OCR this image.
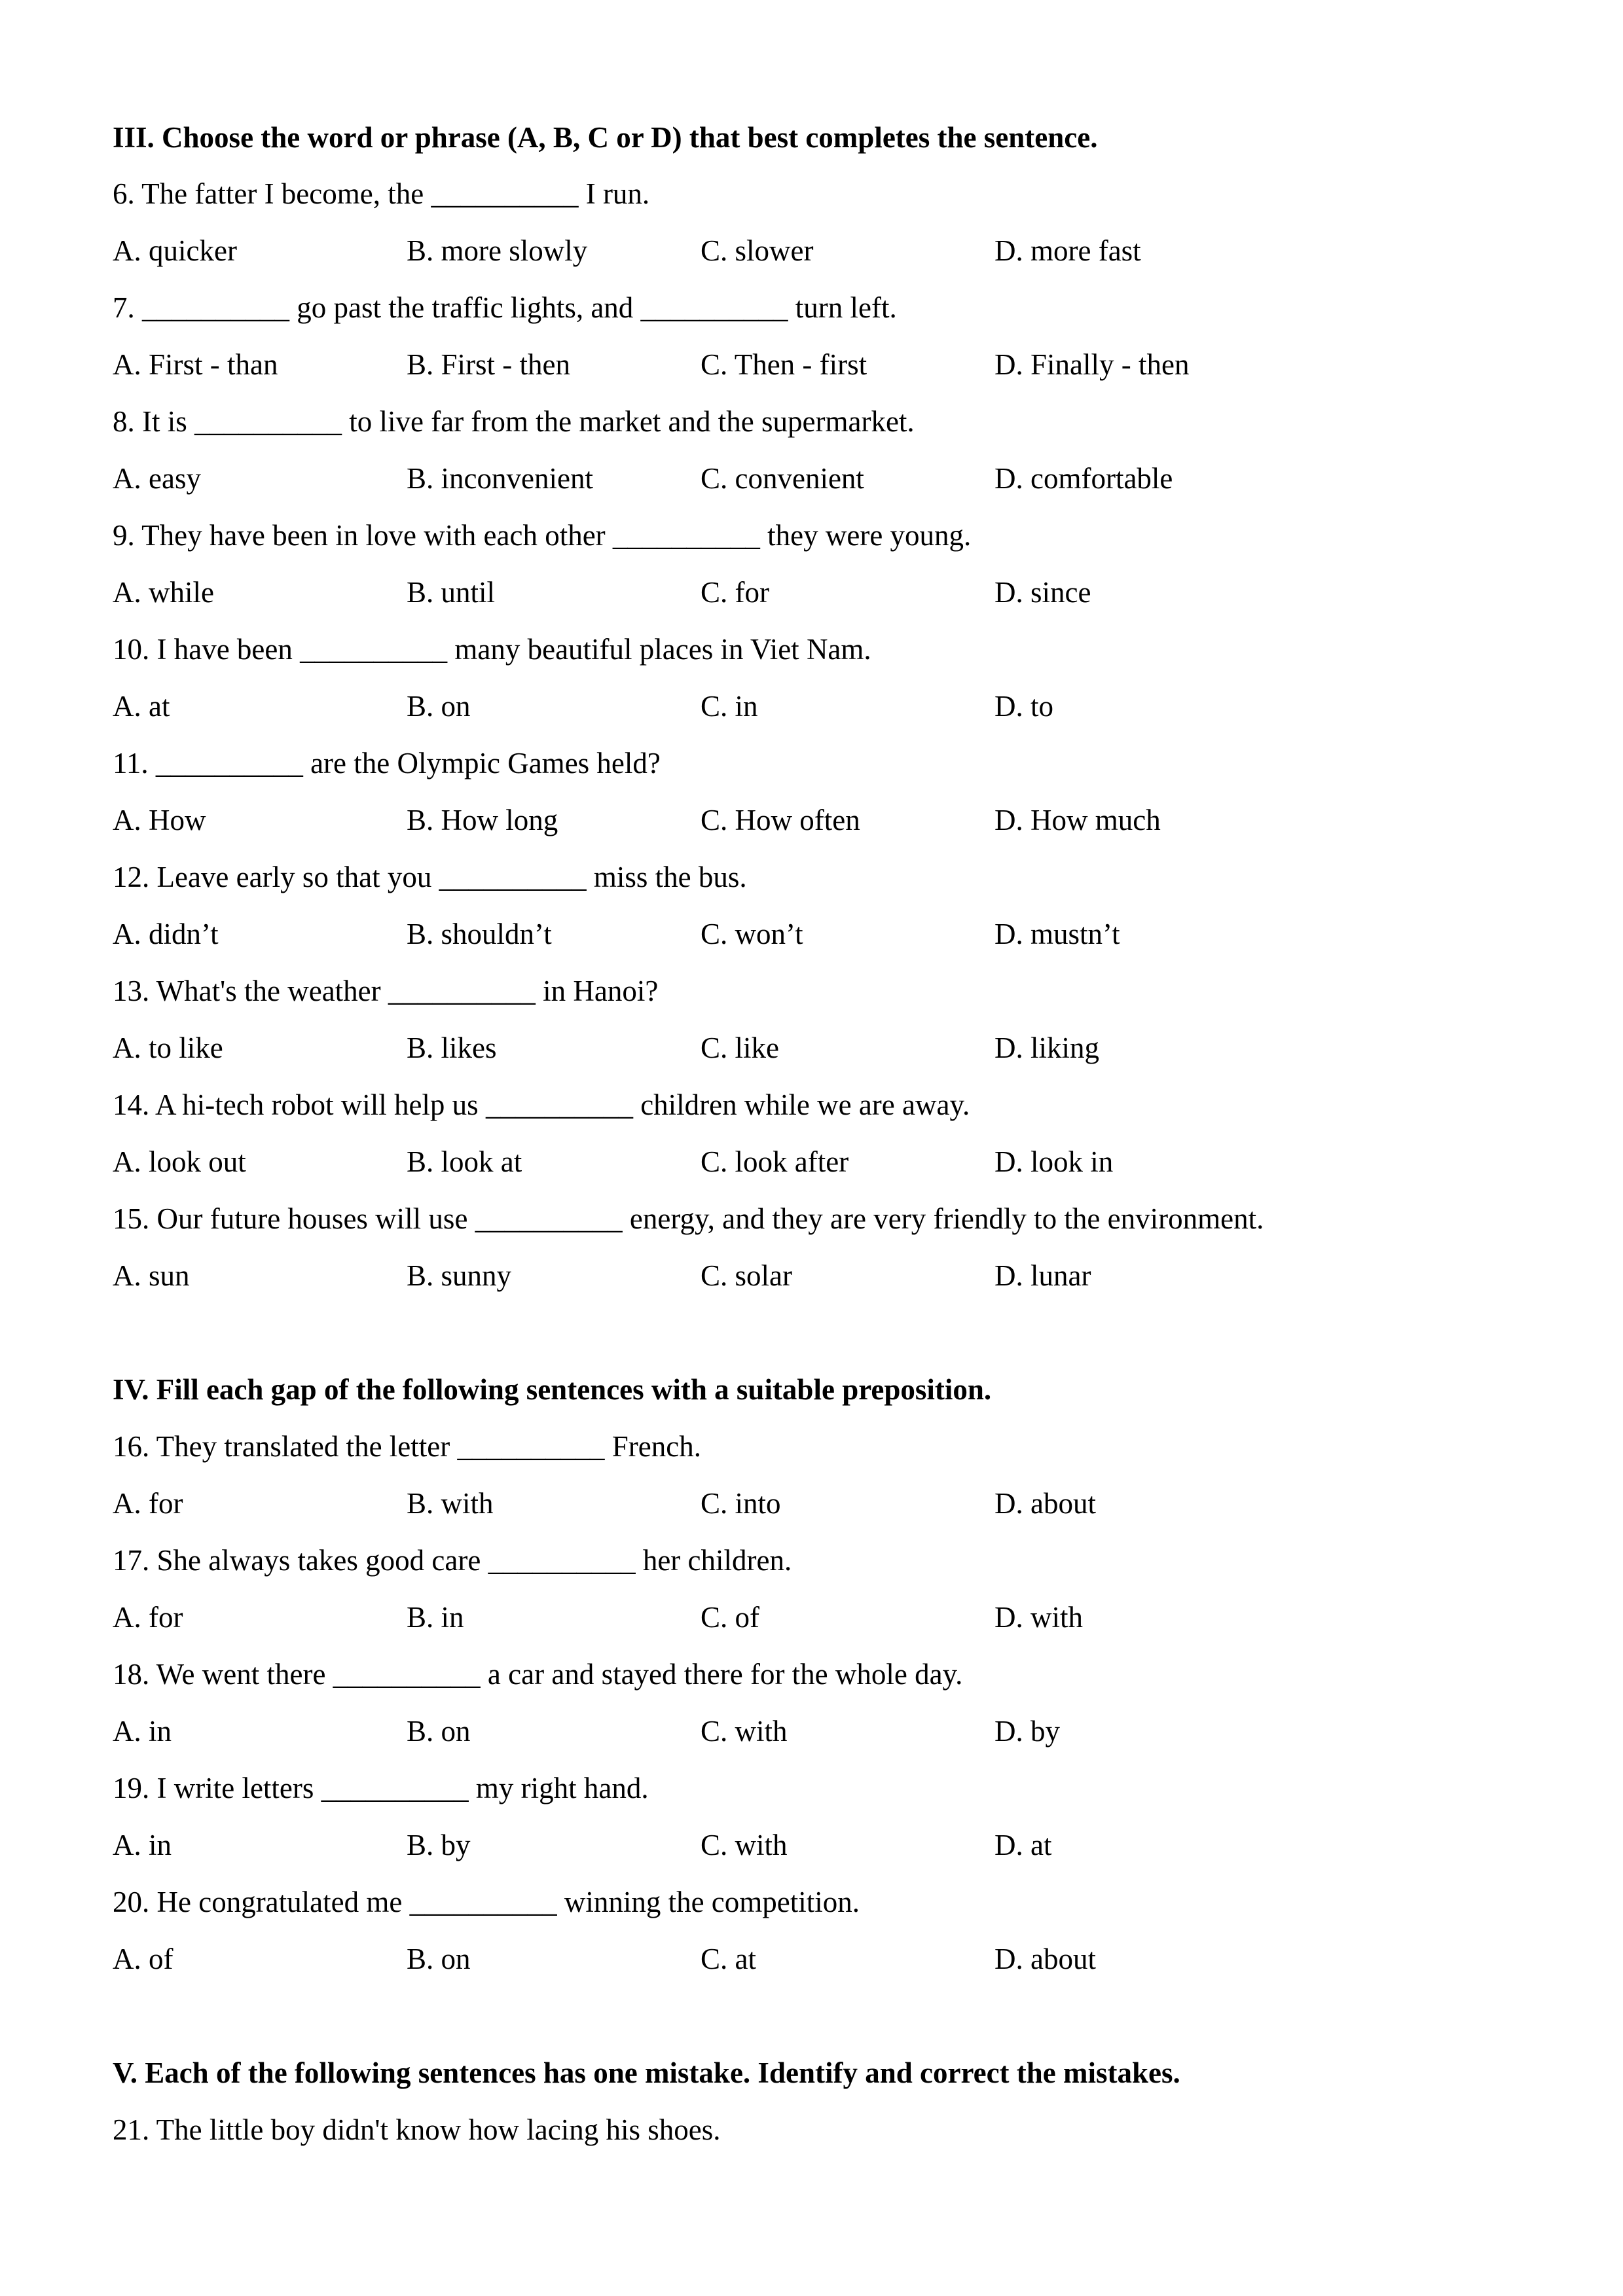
III. Choose the word or phrase (A, B, C or D) that best completes the sentence.
6. The fatter I become, the __________ I run.
A. quicker	B. more slowly	C. slower	D. more fast
7. __________ go past the traffic lights, and __________ turn left.
A. First - than	B. First - then	C. Then - first	D. Finally - then
8. It is __________ to live far from the market and the supermarket.
A. easy	B. inconvenient	C. convenient	D. comfortable
9. They have been in love with each other __________ they were young.
A. while	B. until	C. for	D. since
10. I have been __________ many beautiful places in Viet Nam.
A. at	B. on	C. in	D. to
11. __________ are the Olympic Games held?
A. How	B. How long	C. How often	D. How much
12. Leave early so that you __________ miss the bus.
A. didn’t	B. shouldn’t	C. won’t	D. mustn’t
13. What's the weather __________ in Hanoi?
A. to like	B. likes	C. like	D. liking
14. A hi-tech robot will help us __________ children while we are away.
A. look out	B. look at	C. look after	D. look in
15. Our future houses will use __________ energy, and they are very friendly to the environment.
A. sun	B. sunny	C. solar	D. lunar
IV. Fill each gap of the following sentences with a suitable preposition.
16. They translated the letter __________ French.
A. for	B. with	C. into	D. about
17. She always takes good care __________ her children.
A. for	B. in	C. of	D. with
18. We went there __________ a car and stayed there for the whole day.
A. in	B. on	C. with	D. by
19. I write letters __________ my right hand.
A. in	B. by	C. with	D. at
20. He congratulated me __________ winning the competition.
A. of	B. on	C. at	D. about
V. Each of the following sentences has one mistake. Identify and correct the mistakes.
21. The little boy didn't know how lacing his shoes.
